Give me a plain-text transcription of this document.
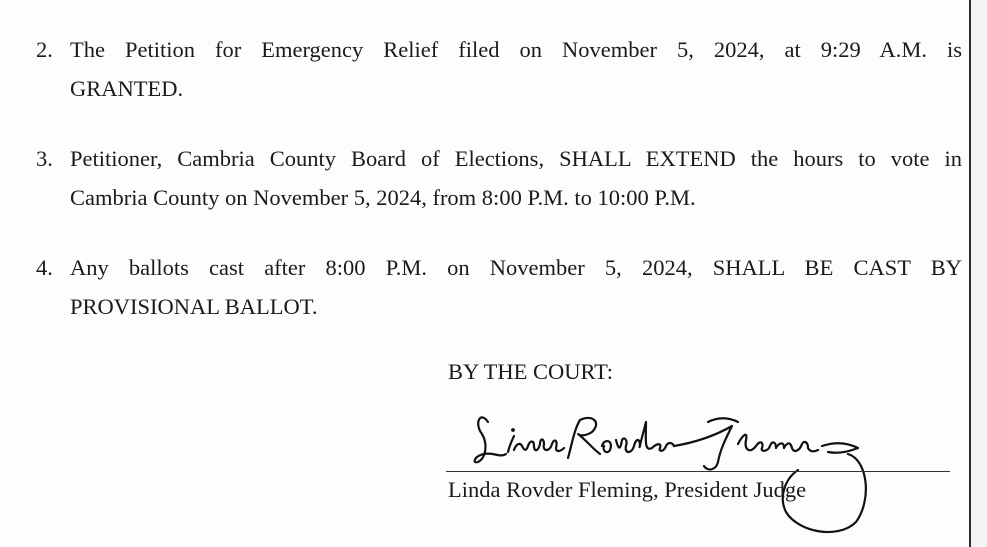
2. The Petition for Emergency Relief filed on November 5, 2024, at 9:29 A.M. is
GRANTED.
3. Petitioner, Cambria County Board of Elections, SHALL EXTEND the hours to vote in
Cambria County on November 5, 2024, from 8:00 P.M. to 10:00 P.M.
4. Any ballots cast after 8:00 P.M. on November 5, 2024, SHALL BE CAST BY
PROVISIONAL BALLOT.
BY THE COURT:
Linda Rovder Fleming, President Judge
